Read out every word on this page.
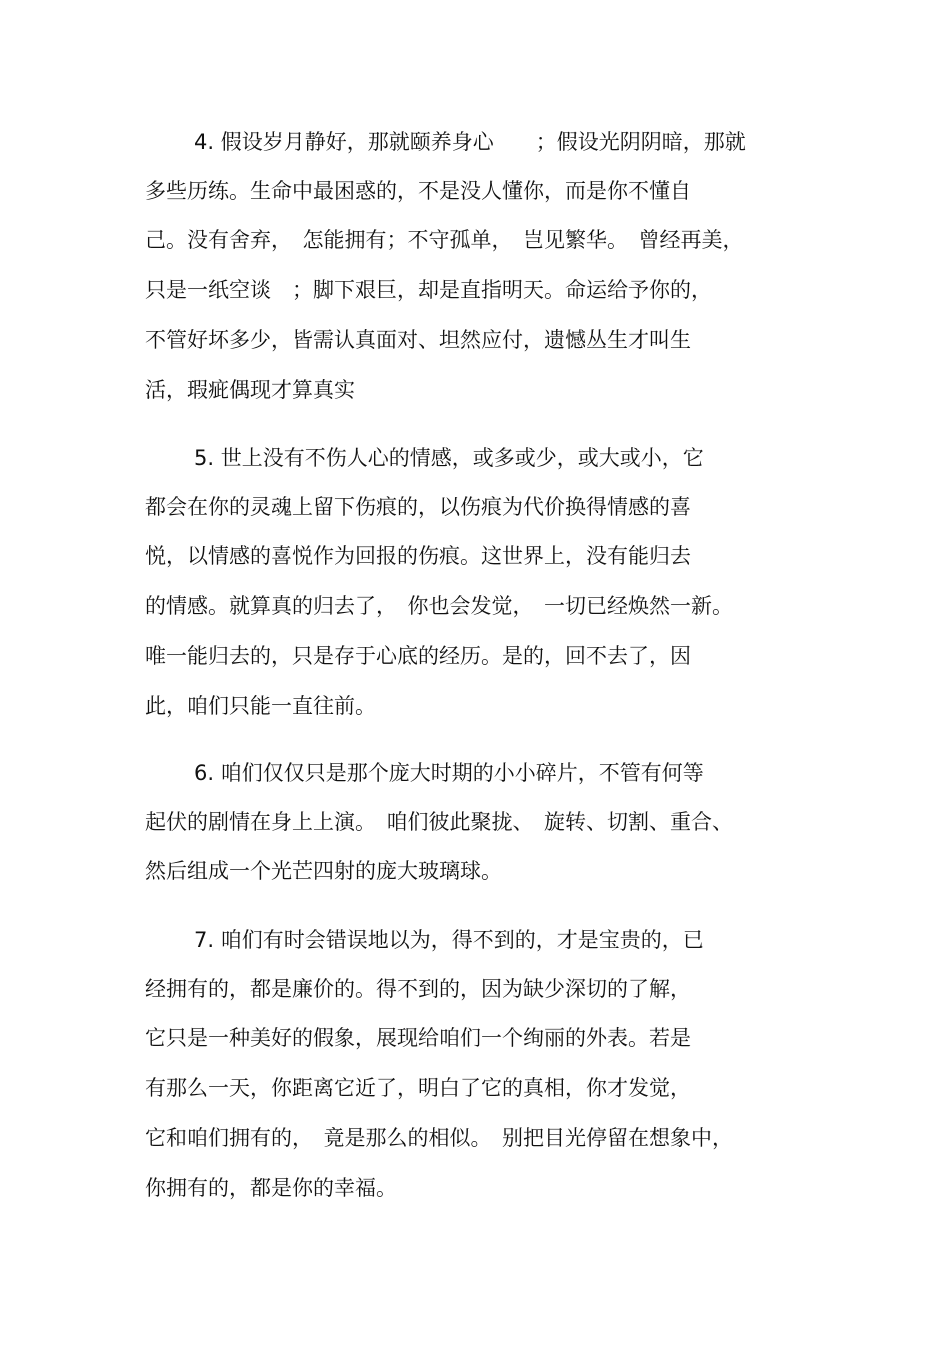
4. 假设岁月静好，那就颐养身心　　；假设光阴阴暗，那就
多些历练。生命中最困惑的，不是没人懂你，而是你不懂自
己。没有舍弃，　怎能拥有；不守孤单，　岂见繁华。　曾经再美，
只是一纸空谈　；脚下艰巨，却是直指明天。命运给予你的，
不管好坏多少，皆需认真面对、坦然应付，遗憾丛生才叫生
活，瑕疵偶现才算真实
5. 世上没有不伤人心的情感，或多或少，或大或小，它
都会在你的灵魂上留下伤痕的，以伤痕为代价换得情感的喜
悦，以情感的喜悦作为回报的伤痕。这世界上，没有能归去
的情感。就算真的归去了，　你也会发觉，　一切已经焕然一新。
唯一能归去的，只是存于心底的经历。是的，回不去了，因
此，咱们只能一直往前。
6. 咱们仅仅只是那个庞大时期的小小碎片，不管有何等
起伏的剧情在身上上演。　咱们彼此聚拢、　旋转、切割、重合、
然后组成一个光芒四射的庞大玻璃球。
7. 咱们有时会错误地以为，得不到的，才是宝贵的，已
经拥有的，都是廉价的。得不到的，因为缺少深切的了解，
它只是一种美好的假象，展现给咱们一个绚丽的外表。若是
有那么一天，你距离它近了，明白了它的真相，你才发觉，
它和咱们拥有的，　竟是那么的相似。　别把目光停留在想象中，
你拥有的，都是你的幸福。
